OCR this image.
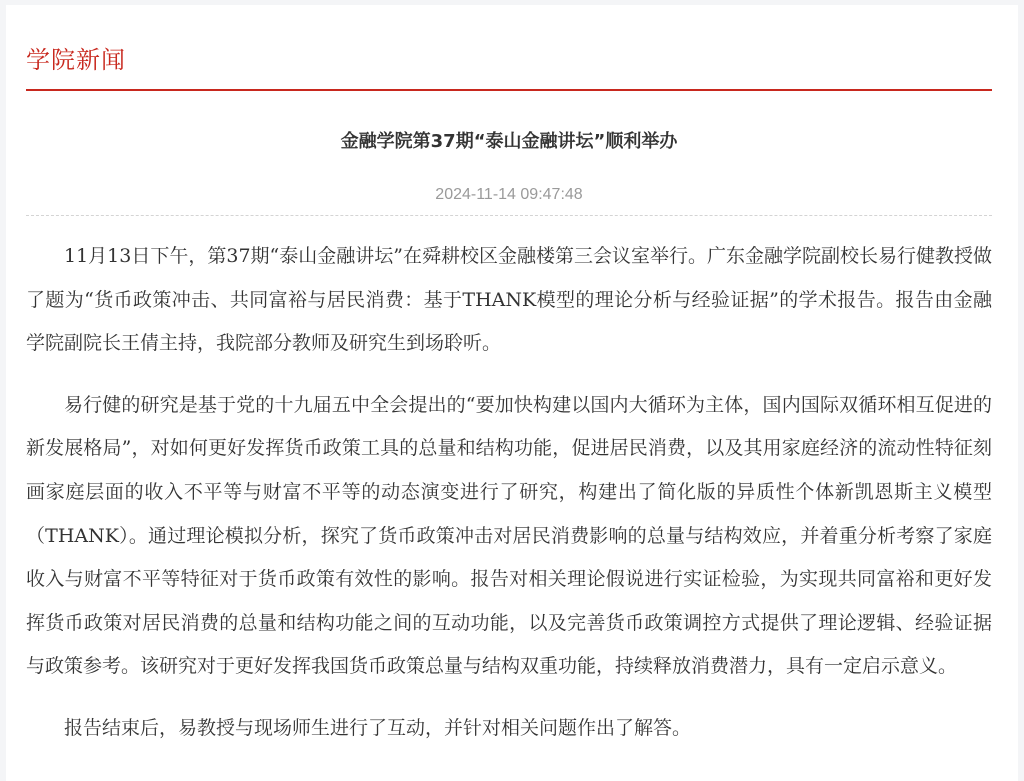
学院新闻
金融学院第37期“泰山金融讲坛”顺利举办
2024-11-14 09:47:48

11月13日下午，第37期“泰山金融讲坛”在舜耕校区金融楼第三会议室举行。广东金融学院副校长易行健教授做了题为“货币政策冲击、共同富裕与居民消费：基于THANK模型的理论分析与经验证据”的学术报告。报告由金融学院副院长王倩主持，我院部分教师及研究生到场聆听。

易行健的研究是基于党的十九届五中全会提出的“要加快构建以国内大循环为主体，国内国际双循环相互促进的新发展格局”，对如何更好发挥货币政策工具的总量和结构功能，促进居民消费，以及其用家庭经济的流动性特征刻画家庭层面的收入不平等与财富不平等的动态演变进行了研究，构建出了简化版的异质性个体新凯恩斯主义模型（THANK）。通过理论模拟分析，探究了货币政策冲击对居民消费影响的总量与结构效应，并着重分析考察了家庭收入与财富不平等特征对于货币政策有效性的影响。报告对相关理论假说进行实证检验，为实现共同富裕和更好发挥货币政策对居民消费的总量和结构功能之间的互动功能，以及完善货币政策调控方式提供了理论逻辑、经验证据与政策参考。该研究对于更好发挥我国货币政策总量与结构双重功能，持续释放消费潜力，具有一定启示意义。

报告结束后，易教授与现场师生进行了互动，并针对相关问题作出了解答。
